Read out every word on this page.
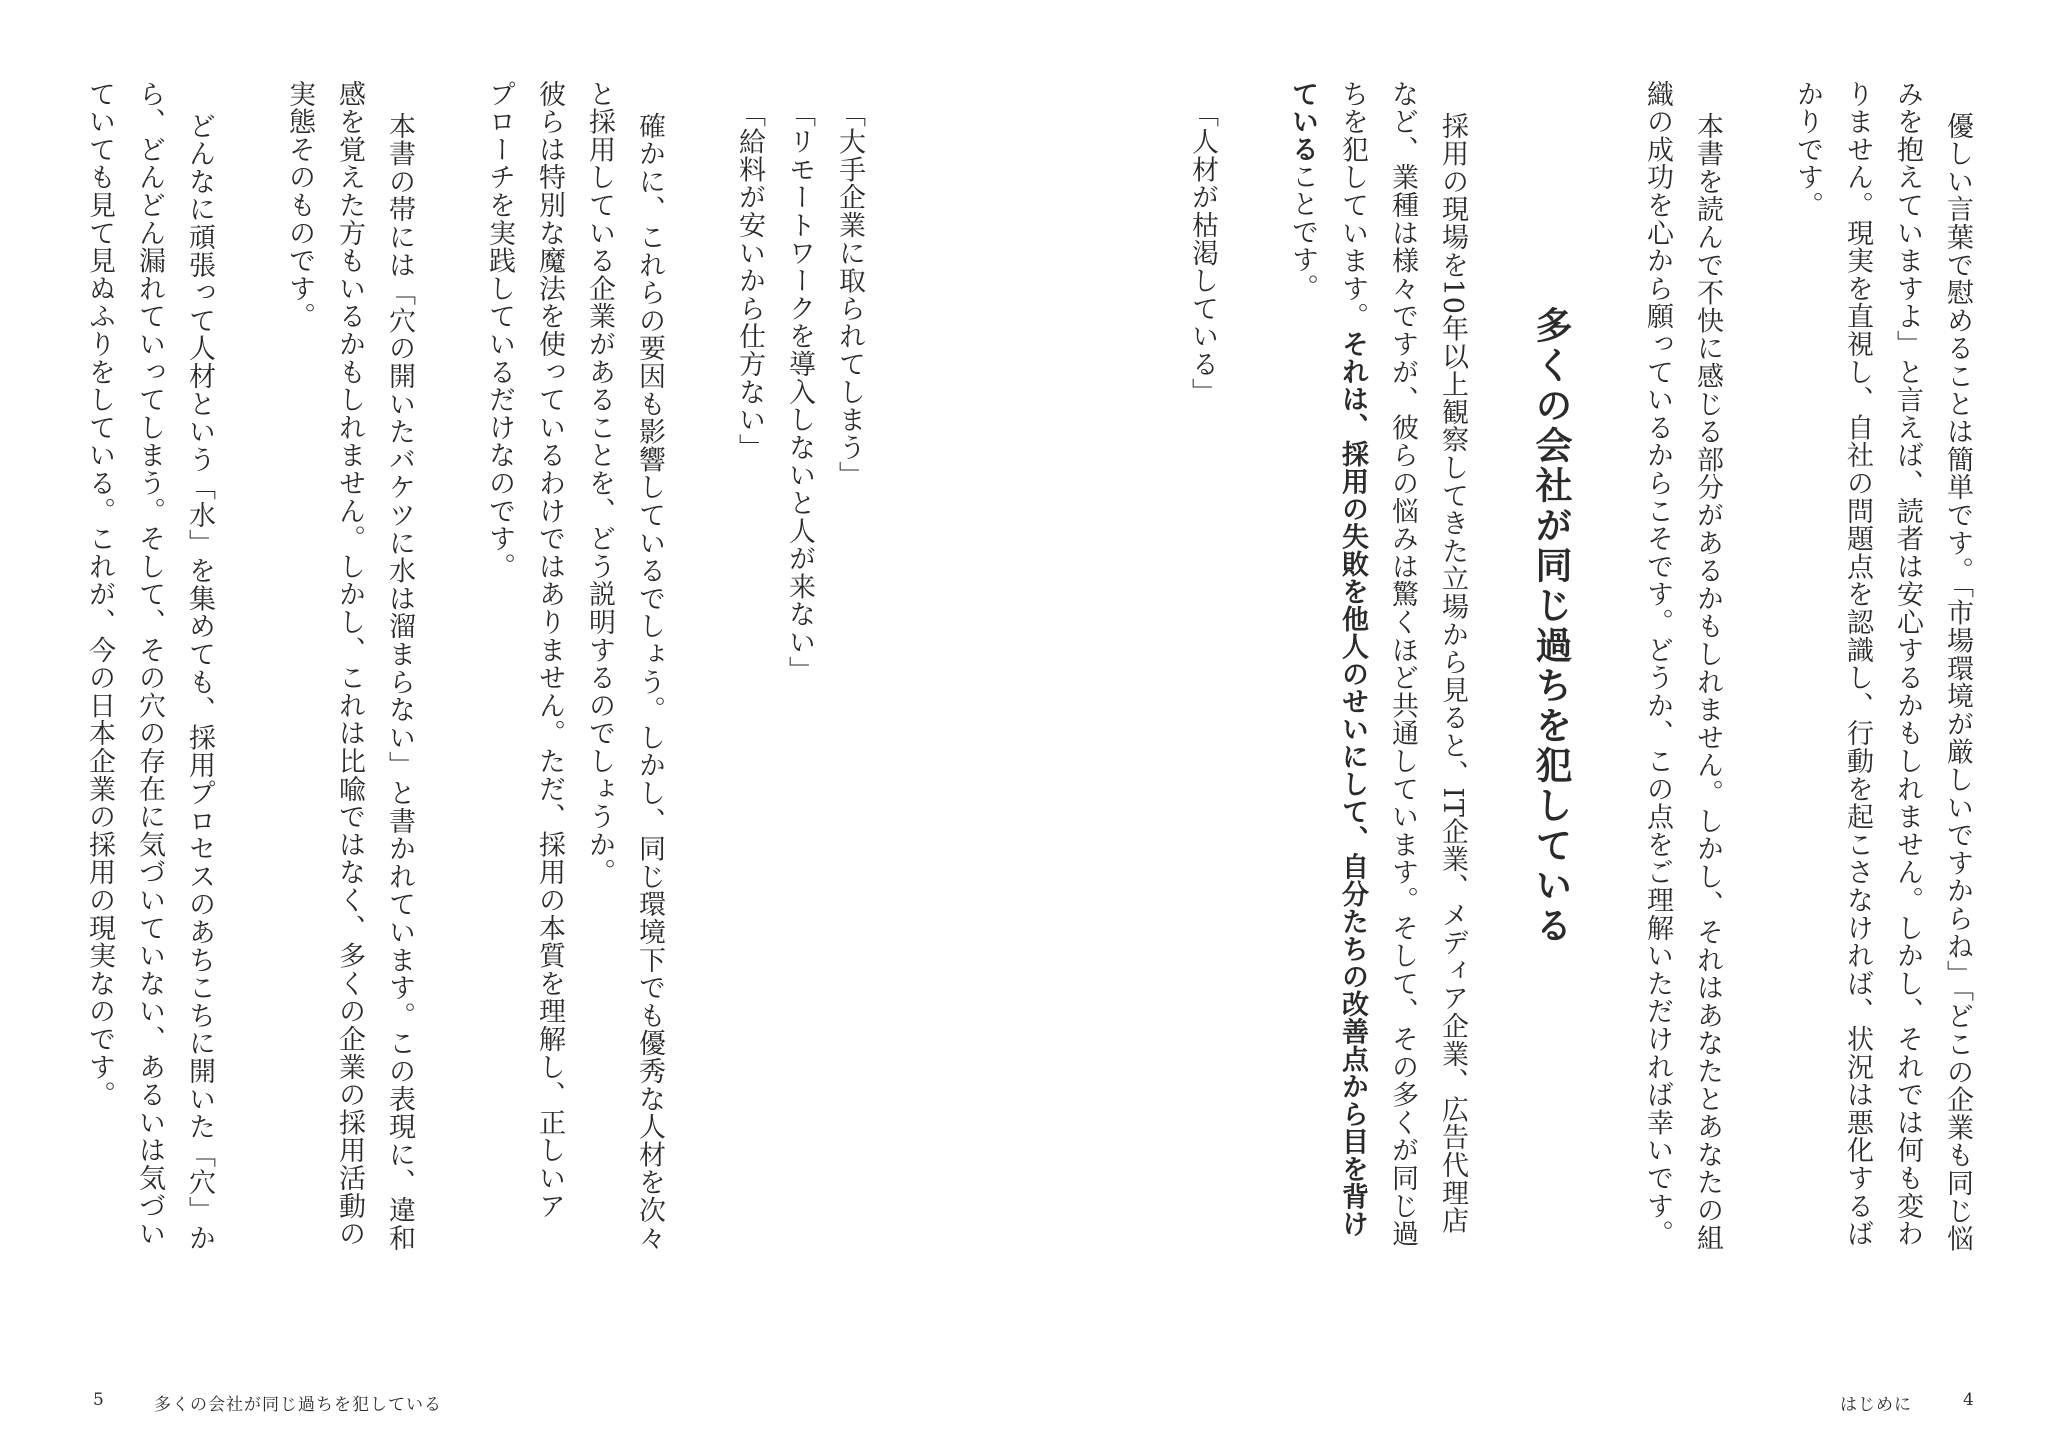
優しい言葉で慰めることは簡単です。「市場環境が厳しいですからね」「どこの企業も同じ悩
みを抱えていますよ」と言えば、読者は安心するかもしれません。しかし、それでは何も変わ
りません。現実を直視し、自社の問題点を認識し、行動を起こさなければ、状況は悪化するば
かりです。
本書を読んで不快に感じる部分があるかもしれません。しかし、それはあなたとあなたの組
織の成功を心から願っているからこそです。どうか、この点をご理解いただければ幸いです。
多くの会社が同じ過ちを犯している
採用の現場を10年以上観察してきた立場から見ると、IT企業、メディア企業、広告代理店
など、業種は様々ですが、彼らの悩みは驚くほど共通しています。そして、その多くが同じ過
ちを犯しています。それは、採用の失敗を他人のせいにして、自分たちの改善点から目を背け
ていることです。
「人材が枯渇している」
「大手企業に取られてしまう」
「リモートワークを導入しないと人が来ない」
「給料が安いから仕方ない」
確かに、これらの要因も影響しているでしょう。しかし、同じ環境下でも優秀な人材を次々
と採用している企業があることを、どう説明するのでしょうか。
彼らは特別な魔法を使っているわけではありません。ただ、採用の本質を理解し、正しいア
プローチを実践しているだけなのです。
本書の帯には「穴の開いたバケツに水は溜まらない」と書かれています。この表現に、違和
感を覚えた方もいるかもしれません。しかし、これは比喩ではなく、多くの企業の採用活動の
実態そのものです。
どんなに頑張って人材という「水」を集めても、採用プロセスのあちこちに開いた「穴」か
ら、どんどん漏れていってしまう。そして、その穴の存在に気づいていない、あるいは気づい
ていても見て見ぬふりをしている。これが、今の日本企業の採用の現実なのです。
5	多くの会社が同じ過ちを犯している	はじめに	4
